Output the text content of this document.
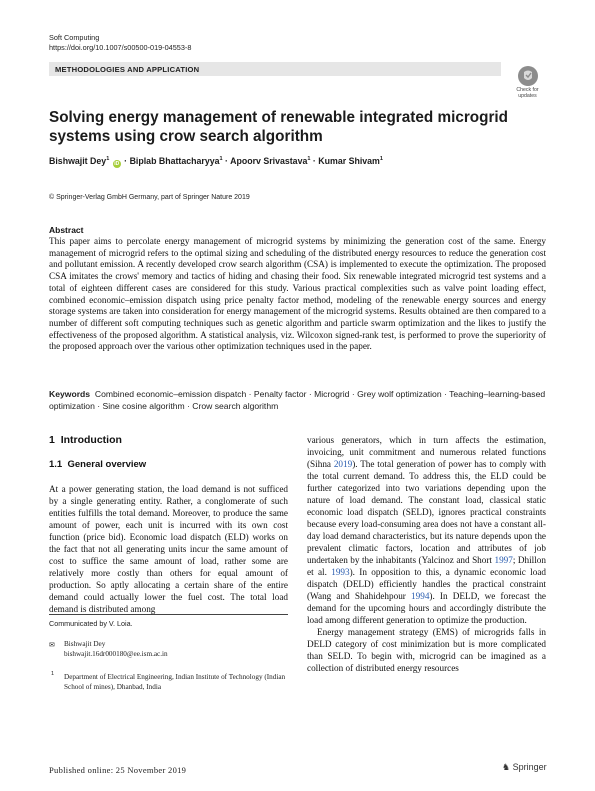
Soft Computing
https://doi.org/10.1007/s00500-019-04553-8
METHODOLOGIES AND APPLICATION
Check for
updates
Solving energy management of renewable integrated microgrid systems using crow search algorithm
Bishwajit Dey$^1$ iD · Biplab Bhattacharyya$^1$ · Apoorv Srivastava$^1$ · Kumar Shivam$^1$
© Springer-Verlag GmbH Germany, part of Springer Nature 2019
Abstract
This paper aims to percolate energy management of microgrid systems by minimizing the generation cost of the same. Energy management of microgrid refers to the optimal sizing and scheduling of the distributed energy resources to reduce the generation cost and pollutant emission. A recently developed crow search algorithm (CSA) is implemented to execute the optimization. The proposed CSA imitates the crows' memory and tactics of hiding and chasing their food. Six renewable integrated microgrid test systems and a total of eighteen different cases are considered for this study. Various practical complexities such as valve point loading effect, combined economic–emission dispatch using price penalty factor method, modeling of the renewable energy sources and energy storage systems are taken into consideration for energy management of the microgrid systems. Results obtained are then compared to a number of different soft computing techniques such as genetic algorithm and particle swarm optimization and the likes to justify the effectiveness of the proposed algorithm. A statistical analysis, viz. Wilcoxon signed-rank test, is performed to prove the superiority of the proposed approach over the various other optimization techniques used in the paper.
Keywords Combined economic–emission dispatch · Penalty factor · Microgrid · Grey wolf optimization · Teaching–learning-based optimization · Sine cosine algorithm · Crow search algorithm
1 Introduction
1.1 General overview
At a power generating station, the load demand is not sufficed by a single generating entity. Rather, a conglomerate of such entities fulfills the total demand. Moreover, to produce the same amount of power, each unit is incurred with its own cost function (price bid). Economic load dispatch (ELD) works on the fact that not all generating units incur the same amount of cost to suffice the same amount of load, rather some are relatively more costly than others for equal amount of production. So aptly allocating a certain share of the entire demand could actually lower the fuel cost. The total load demand is distributed among
Communicated by V. Loia.
✉ Bishwajit Dey
bishwajit.16dr000180@ee.ism.ac.in
1 Department of Electrical Engineering, Indian Institute of Technology (Indian School of mines), Dhanbad, India
various generators, which in turn affects the estimation, invoicing, unit commitment and numerous related functions (Sihna 2019). The total generation of power has to comply with the total current demand. To address this, the ELD could be further categorized into two variations depending upon the nature of load demand. The constant load, classical static economic load dispatch (SELD), ignores practical constraints because every load-consuming area does not have a constant all-day load demand characteristics, but its nature depends upon the prevalent climatic factors, location and attributes of job undertaken by the inhabitants (Yalcinoz and Short 1997; Dhillon et al. 1993). In opposition to this, a dynamic economic load dispatch (DELD) efficiently handles the practical constraint (Wang and Shahidehpour 1994). In DELD, we forecast the demand for the upcoming hours and accordingly distribute the load among different generation to optimize the production.
Energy management strategy (EMS) of microgrids falls in DELD category of cost minimization but is more complicated than SELD. To begin with, microgrid can be imagined as a collection of distributed energy resources
Published online: 25 November 2019	♞ Springer
